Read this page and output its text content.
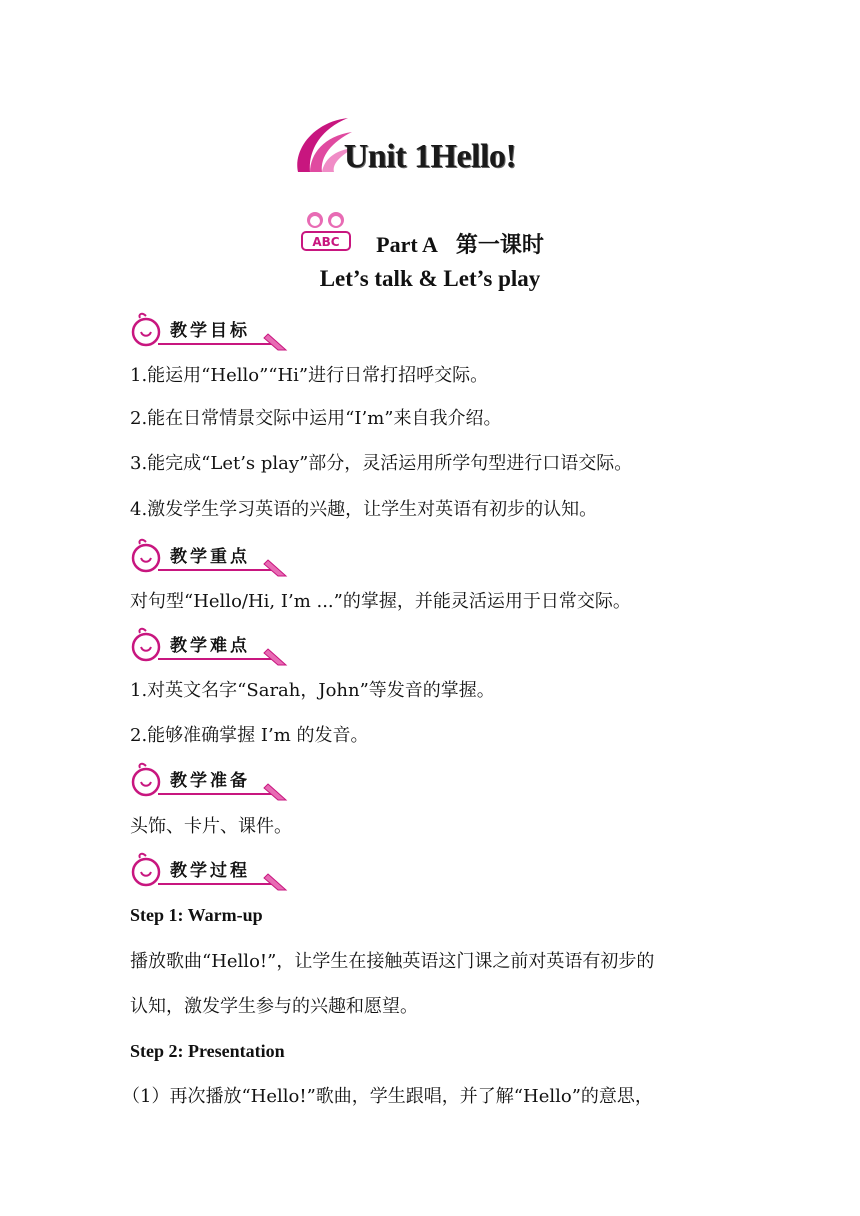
Unit 1Hello!
ABC	Part A 第一课时
Let’s talk & Let’s play
教学目标
1.能运用“Hello”“Hi”进行日常打招呼交际。
2.能在日常情景交际中运用“I’m”来自我介绍。
3.能完成“Let’s play”部分，灵活运用所学句型进行口语交际。
4.激发学生学习英语的兴趣，让学生对英语有初步的认知。
教学重点
对句型“Hello/Hi, I’m ...”的掌握，并能灵活运用于日常交际。
教学难点
1.对英文名字“Sarah，John”等发音的掌握。
2.能够准确掌握 I’m 的发音。
教学准备
头饰、卡片、课件。
教学过程
Step 1: Warm-up
播放歌曲“Hello!”，让学生在接触英语这门课之前对英语有初步的
认知，激发学生参与的兴趣和愿望。
Step 2: Presentation
（1）再次播放“Hello!”歌曲，学生跟唱，并了解“Hello”的意思，
